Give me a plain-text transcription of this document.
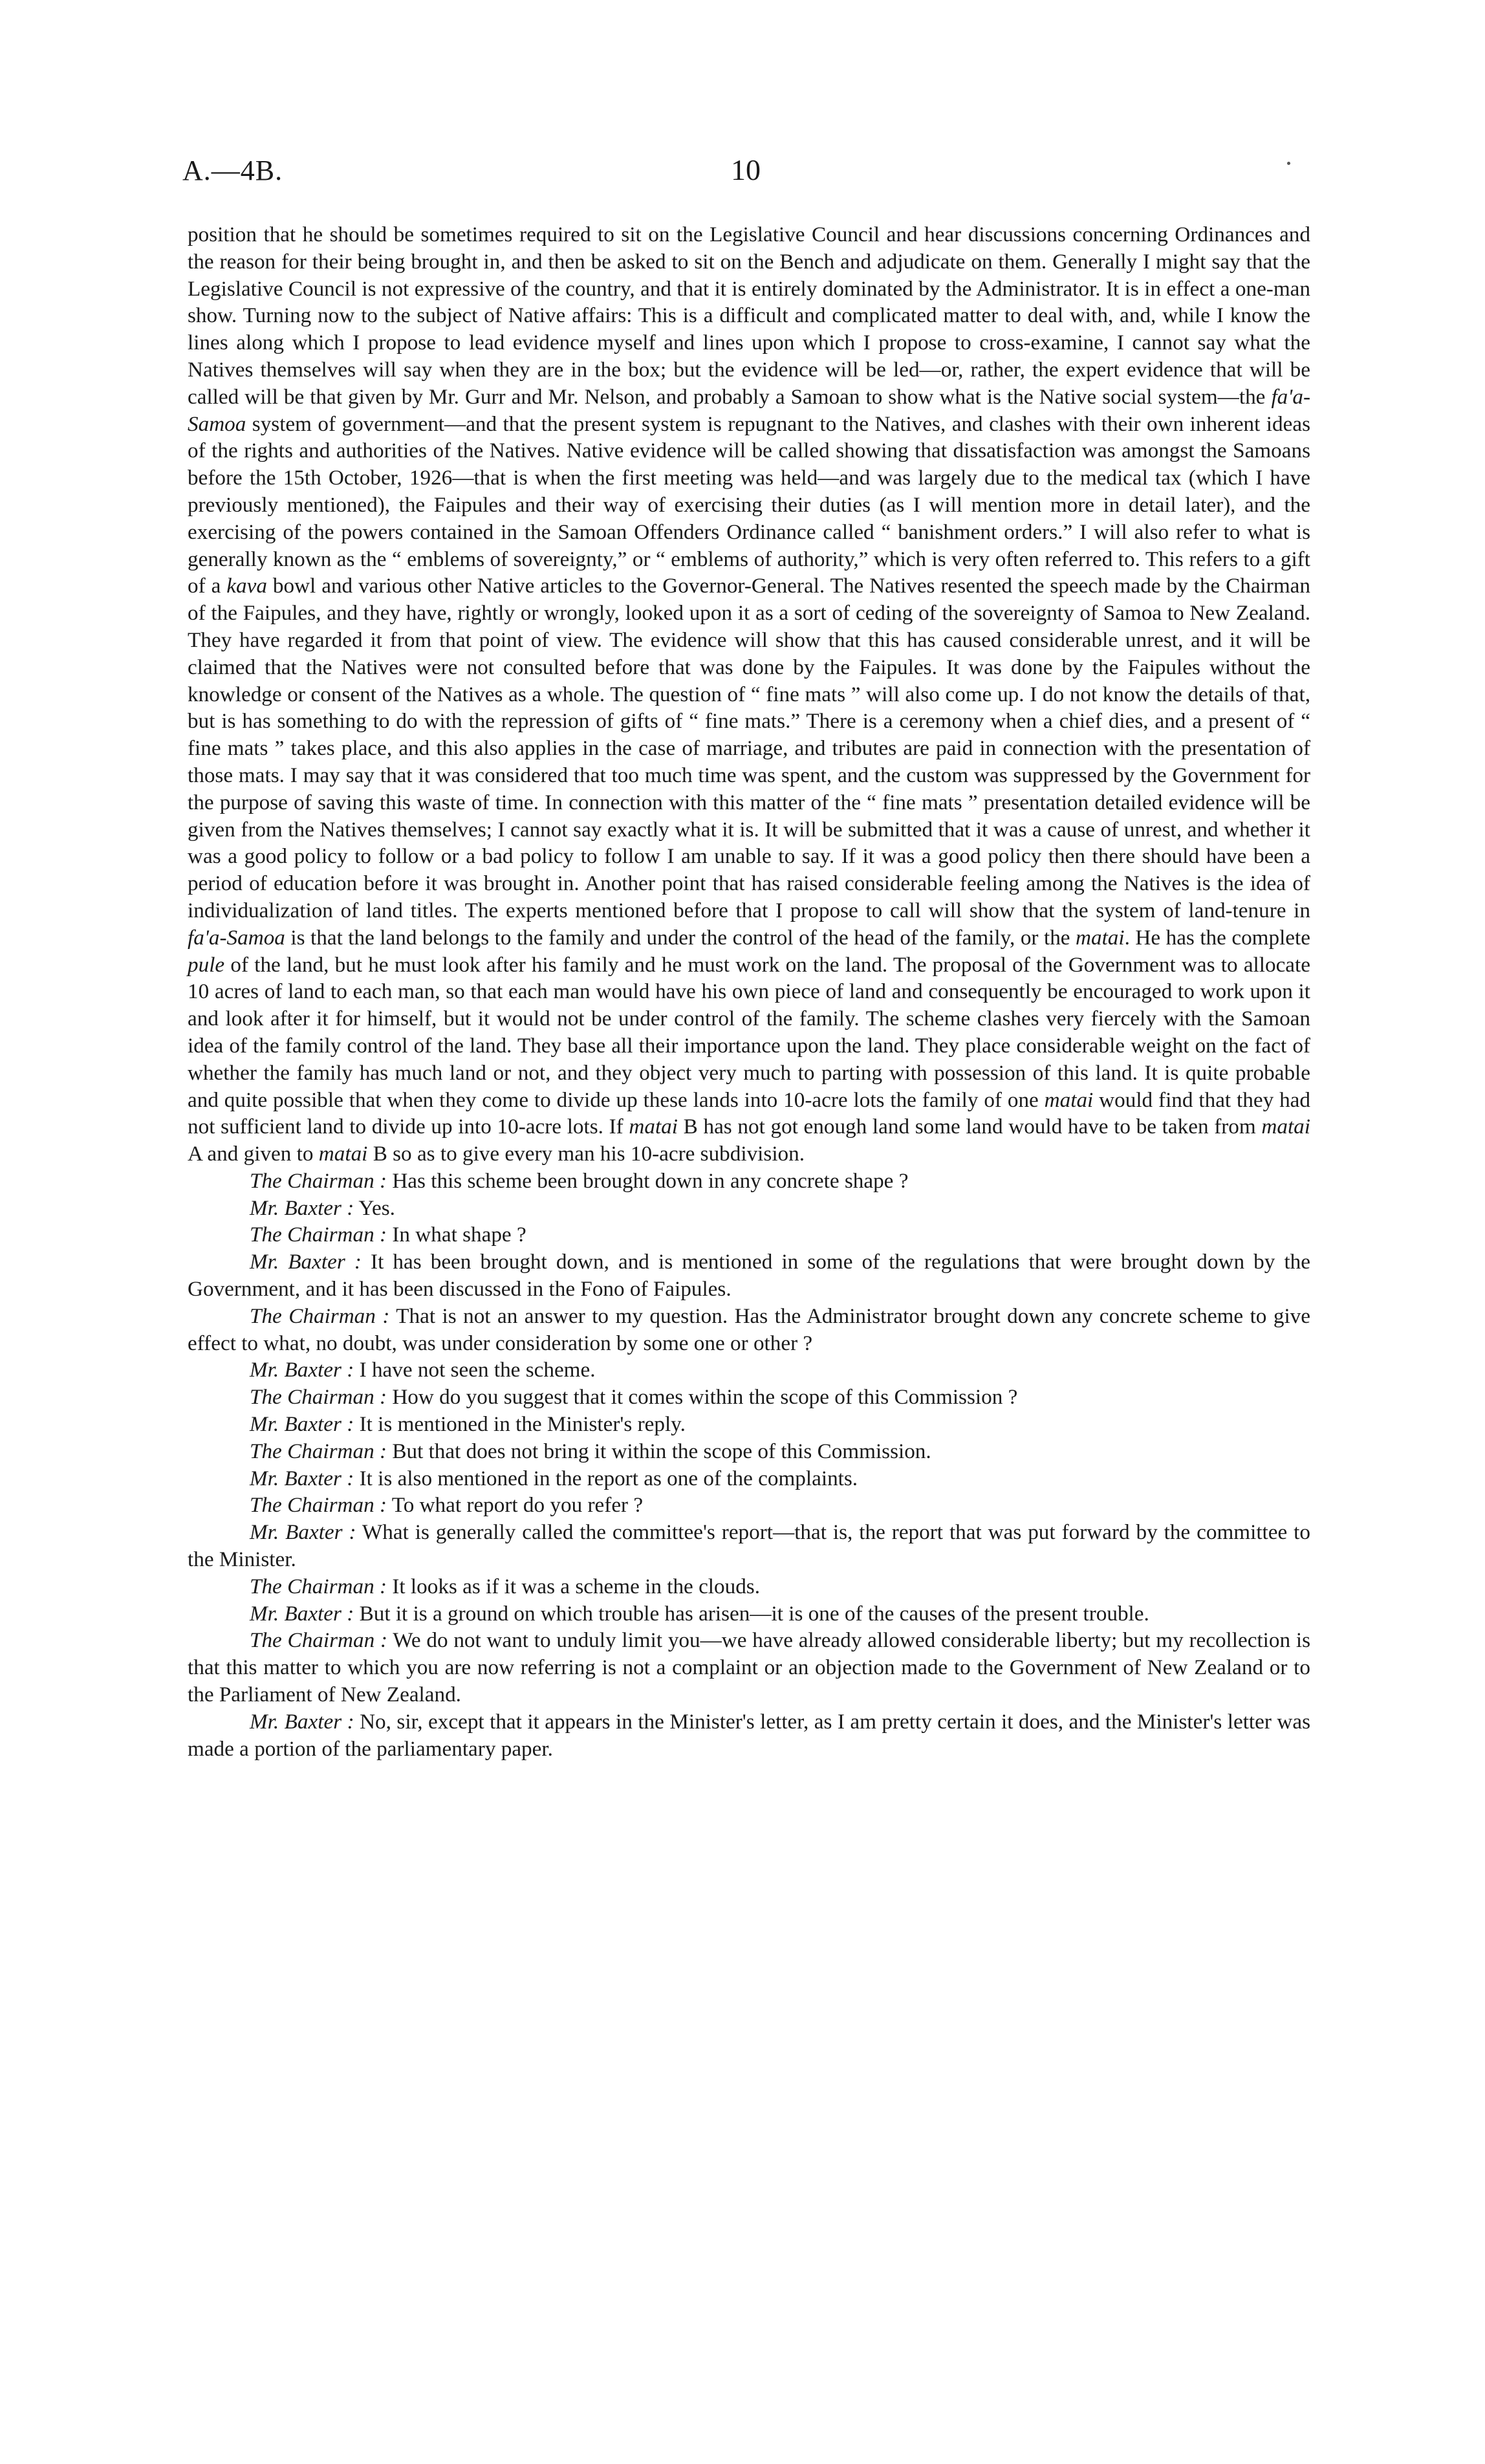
A.—4B.	10

position that he should be sometimes required to sit on the Legislative Council and hear discussions concerning Ordinances and the reason for their being brought in, and then be asked to sit on the Bench and adjudicate on them. Generally I might say that the Legislative Council is not expressive of the country, and that it is entirely dominated by the Administrator. It is in effect a one-man show. Turning now to the subject of Native affairs: This is a difficult and complicated matter to deal with, and, while I know the lines along which I propose to lead evidence myself and lines upon which I propose to cross-examine, I cannot say what the Natives themselves will say when they are in the box; but the evidence will be led—or, rather, the expert evidence that will be called will be that given by Mr. Gurr and Mr. Nelson, and probably a Samoan to show what is the Native social system—the fa'a-Samoa system of government—and that the present system is repugnant to the Natives, and clashes with their own inherent ideas of the rights and authorities of the Natives. Native evidence will be called showing that dissatisfaction was amongst the Samoans before the 15th October, 1926—that is when the first meeting was held—and was largely due to the medical tax (which I have previously mentioned), the Faipules and their way of exercising their duties (as I will mention more in detail later), and the exercising of the powers contained in the Samoan Offenders Ordinance called “ banishment orders.” I will also refer to what is generally known as the “ emblems of sovereignty,” or “ emblems of authority,” which is very often referred to. This refers to a gift of a kava bowl and various other Native articles to the Governor-General. The Natives resented the speech made by the Chairman of the Faipules, and they have, rightly or wrongly, looked upon it as a sort of ceding of the sovereignty of Samoa to New Zealand. They have regarded it from that point of view. The evidence will show that this has caused considerable unrest, and it will be claimed that the Natives were not consulted before that was done by the Faipules. It was done by the Faipules without the knowledge or consent of the Natives as a whole. The question of “ fine mats ” will also come up. I do not know the details of that, but is has something to do with the repression of gifts of “ fine mats.” There is a ceremony when a chief dies, and a present of “ fine mats ” takes place, and this also applies in the case of marriage, and tributes are paid in connection with the presentation of those mats. I may say that it was considered that too much time was spent, and the custom was suppressed by the Government for the purpose of saving this waste of time. In connection with this matter of the “ fine mats ” presentation detailed evidence will be given from the Natives themselves; I cannot say exactly what it is. It will be submitted that it was a cause of unrest, and whether it was a good policy to follow or a bad policy to follow I am unable to say. If it was a good policy then there should have been a period of education before it was brought in. Another point that has raised considerable feeling among the Natives is the idea of individualization of land titles. The experts mentioned before that I propose to call will show that the system of land-tenure in fa'a-Samoa is that the land belongs to the family and under the control of the head of the family, or the matai. He has the complete pule of the land, but he must look after his family and he must work on the land. The proposal of the Government was to allocate 10 acres of land to each man, so that each man would have his own piece of land and consequently be encouraged to work upon it and look after it for himself, but it would not be under control of the family. The scheme clashes very fiercely with the Samoan idea of the family control of the land. They base all their importance upon the land. They place considerable weight on the fact of whether the family has much land or not, and they object very much to parting with possession of this land. It is quite probable and quite possible that when they come to divide up these lands into 10-acre lots the family of one matai would find that they had not sufficient land to divide up into 10-acre lots. If matai B has not got enough land some land would have to be taken from matai A and given to matai B so as to give every man his 10-acre subdivision.

The Chairman : Has this scheme been brought down in any concrete shape ?

Mr. Baxter : Yes.

The Chairman : In what shape ?

Mr. Baxter : It has been brought down, and is mentioned in some of the regulations that were brought down by the Government, and it has been discussed in the Fono of Faipules.

The Chairman : That is not an answer to my question. Has the Administrator brought down any concrete scheme to give effect to what, no doubt, was under consideration by some one or other ?

Mr. Baxter : I have not seen the scheme.

The Chairman : How do you suggest that it comes within the scope of this Commission ?

Mr. Baxter : It is mentioned in the Minister's reply.

The Chairman : But that does not bring it within the scope of this Commission.

Mr. Baxter : It is also mentioned in the report as one of the complaints.

The Chairman : To what report do you refer ?

Mr. Baxter : What is generally called the committee's report—that is, the report that was put forward by the committee to the Minister.

The Chairman : It looks as if it was a scheme in the clouds.

Mr. Baxter : But it is a ground on which trouble has arisen—it is one of the causes of the present trouble.

The Chairman : We do not want to unduly limit you—we have already allowed considerable liberty; but my recollection is that this matter to which you are now referring is not a complaint or an objection made to the Government of New Zealand or to the Parliament of New Zealand.

Mr. Baxter : No, sir, except that it appears in the Minister's letter, as I am pretty certain it does, and the Minister's letter was made a portion of the parliamentary paper.
